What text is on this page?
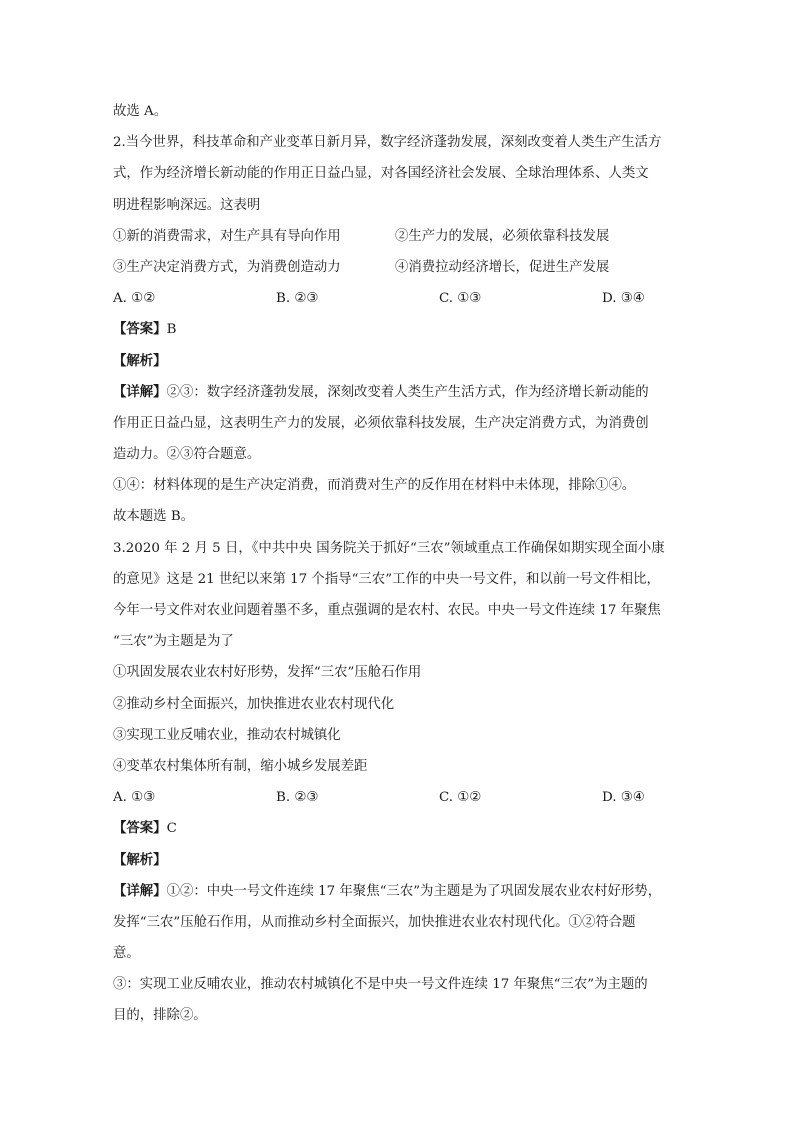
故选 A。
2.当今世界，科技革命和产业变革日新月异，数字经济蓬勃发展，深刻改变着人类生产生活方
式，作为经济增长新动能的作用正日益凸显，对各国经济社会发展、全球治理体系、人类文
明进程影响深远。这表明
①新的消费需求，对生产具有导向作用	②生产力的发展，必须依靠科技发展
③生产决定消费方式，为消费创造动力	④消费拉动经济增长，促进生产发展
A. ①②	B. ②③	C. ①③	D. ③④
【答案】B
【解析】
【详解】②③：数字经济蓬勃发展，深刻改变着人类生产生活方式，作为经济增长新动能的
作用正日益凸显，这表明生产力的发展，必须依靠科技发展，生产决定消费方式，为消费创
造动力。②③符合题意。
①④：材料体现的是生产决定消费，而消费对生产的反作用在材料中未体现，排除①④。
故本题选 B。
3.2020 年 2 月 5 日，《中共中央 国务院关于抓好“三农”领域重点工作确保如期实现全面小康
的意见》这是 21 世纪以来第 17 个指导“三农”工作的中央一号文件，和以前一号文件相比，
今年一号文件对农业问题着墨不多，重点强调的是农村、农民。中央一号文件连续 17 年聚焦
“三农”为主题是为了
①巩固发展农业农村好形势，发挥“三农”压舱石作用
②推动乡村全面振兴，加快推进农业农村现代化
③实现工业反哺农业，推动农村城镇化
④变革农村集体所有制，缩小城乡发展差距
A. ①③	B. ②③	C. ①②	D. ③④
【答案】C
【解析】
【详解】①②：中央一号文件连续 17 年聚焦“三农”为主题是为了巩固发展农业农村好形势，
发挥“三农”压舱石作用，从而推动乡村全面振兴，加快推进农业农村现代化。①②符合题
意。
③：实现工业反哺农业，推动农村城镇化不是中央一号文件连续 17 年聚焦“三农”为主题的
目的，排除②。
